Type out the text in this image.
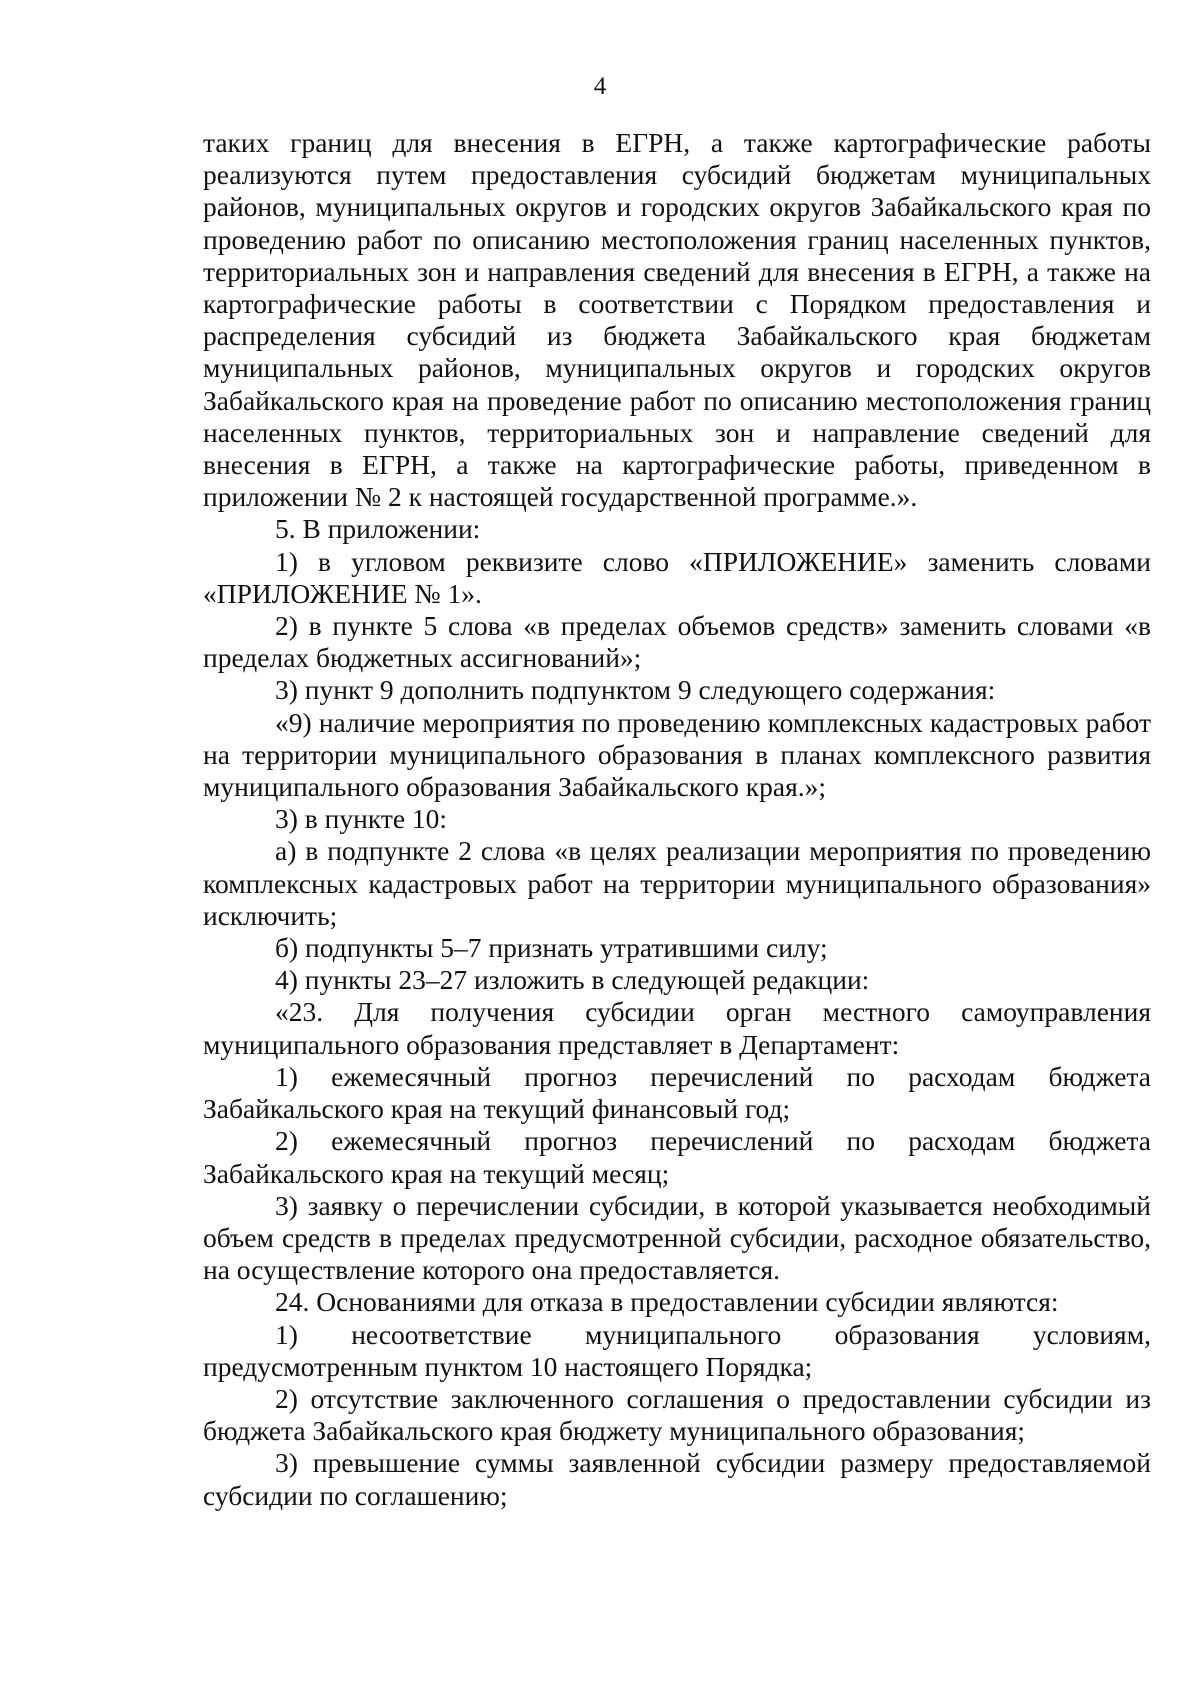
4

таких границ для внесения в ЕГРН, а также картографические работы реализуются путем предоставления субсидий бюджетам муниципальных районов, муниципальных округов и городских округов Забайкальского края по проведению работ по описанию местоположения границ населенных пунктов, территориальных зон и направления сведений для внесения в ЕГРН, а также на картографические работы в соответствии с Порядком предоставления и распределения субсидий из бюджета Забайкальского края бюджетам муниципальных районов, муниципальных округов и городских округов Забайкальского края на проведение работ по описанию местоположения границ населенных пунктов, территориальных зон и направление сведений для внесения в ЕГРН, а также на картографические работы, приведенном в приложении № 2 к настоящей государственной программе.».

5. В приложении:

1) в угловом реквизите слово «ПРИЛОЖЕНИЕ» заменить словами «ПРИЛОЖЕНИЕ № 1».

2) в пункте 5 слова «в пределах объемов средств» заменить словами «в пределах бюджетных ассигнований»;

3) пункт 9 дополнить подпунктом 9 следующего содержания:

«9) наличие мероприятия по проведению комплексных кадастровых работ на территории муниципального образования в планах комплексного развития муниципального образования Забайкальского края.»;

3) в пункте 10:

а) в подпункте 2 слова «в целях реализации мероприятия по проведению комплексных кадастровых работ на территории муниципального образования» исключить;

б) подпункты 5–7 признать утратившими силу;

4) пункты 23–27 изложить в следующей редакции:

«23. Для получения субсидии орган местного самоуправления муниципального образования представляет в Департамент:

1) ежемесячный прогноз перечислений по расходам бюджета Забайкальского края на текущий финансовый год;

2) ежемесячный прогноз перечислений по расходам бюджета Забайкальского края на текущий месяц;

3) заявку о перечислении субсидии, в которой указывается необходимый объем средств в пределах предусмотренной субсидии, расходное обязательство, на осуществление которого она предоставляется.

24. Основаниями для отказа в предоставлении субсидии являются:

1) несоответствие муниципального образования условиям, предусмотренным пунктом 10 настоящего Порядка;

2) отсутствие заключенного соглашения о предоставлении субсидии из бюджета Забайкальского края бюджету муниципального образования;

3) превышение суммы заявленной субсидии размеру предоставляемой субсидии по соглашению;
